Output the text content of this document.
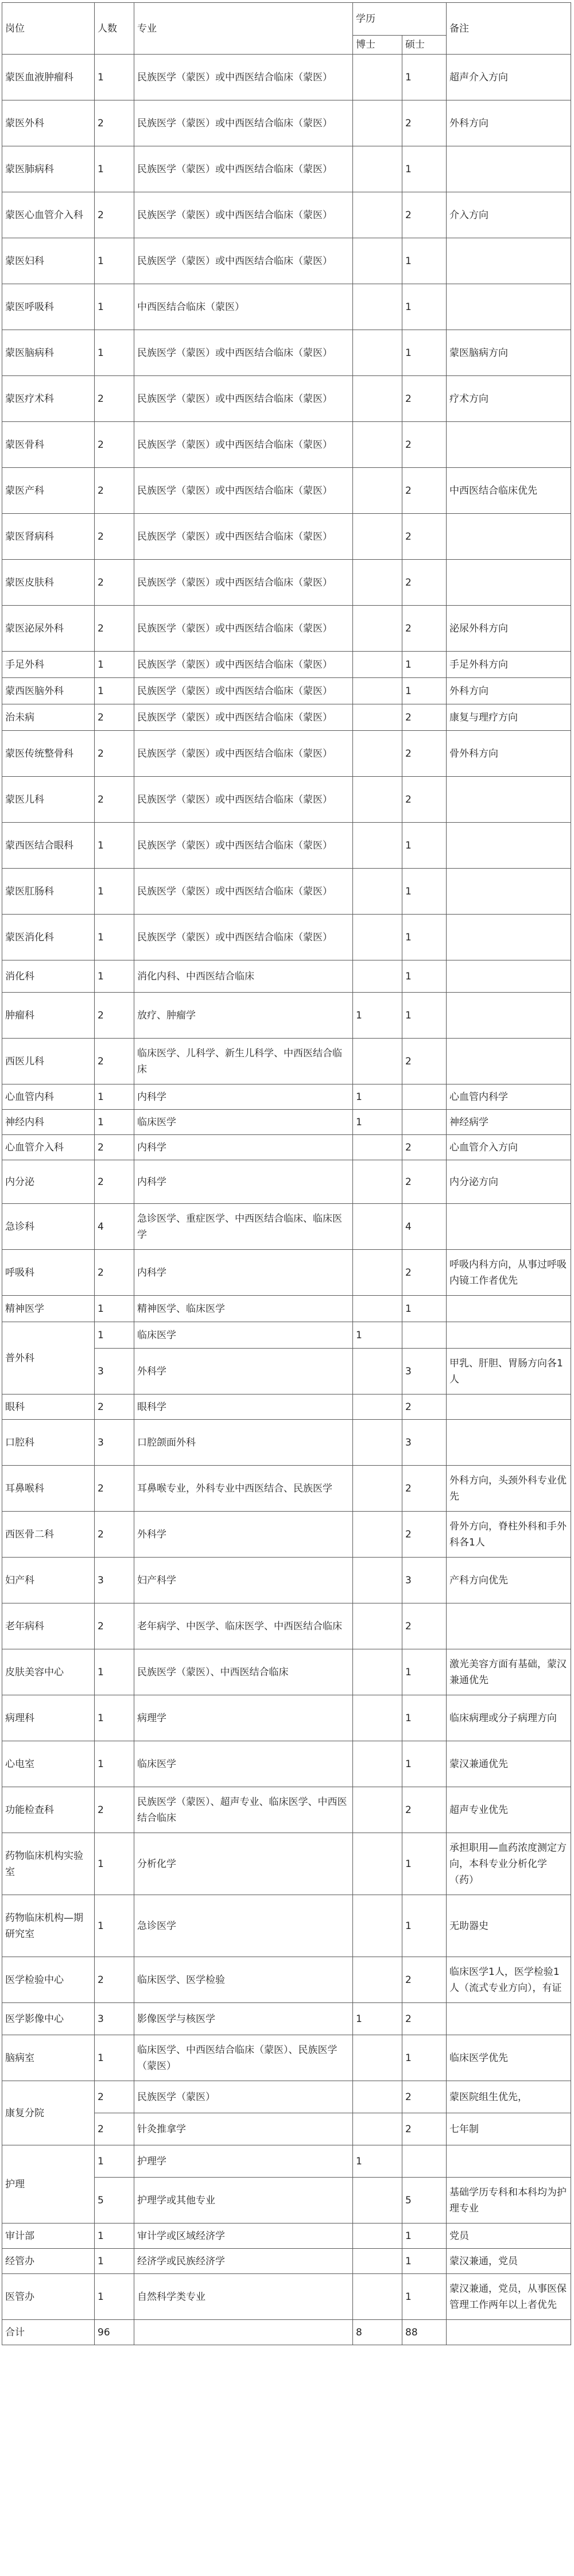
岗位	人数	专业	学历		备注
			博士	硕士	
蒙医血液肿瘤科	1	民族医学（蒙医）或中西医结合临床（蒙医）		1	超声介入方向
蒙医外科	2	民族医学（蒙医）或中西医结合临床（蒙医）		2	外科方向
蒙医肺病科	1	民族医学（蒙医）或中西医结合临床（蒙医）		1	
蒙医心血管介入科	2	民族医学（蒙医）或中西医结合临床（蒙医）		2	介入方向
蒙医妇科	1	民族医学（蒙医）或中西医结合临床（蒙医）		1	
蒙医呼吸科	1	中西医结合临床（蒙医）		1	
蒙医脑病科	1	民族医学（蒙医）或中西医结合临床（蒙医）		1	蒙医脑病方向
蒙医疗术科	2	民族医学（蒙医）或中西医结合临床（蒙医）		2	疗术方向
蒙医骨科	2	民族医学（蒙医）或中西医结合临床（蒙医）		2	
蒙医产科	2	民族医学（蒙医）或中西医结合临床（蒙医）		2	中西医结合临床优先
蒙医肾病科	2	民族医学（蒙医）或中西医结合临床（蒙医）		2	
蒙医皮肤科	2	民族医学（蒙医）或中西医结合临床（蒙医）		2	
蒙医泌尿外科	2	民族医学（蒙医）或中西医结合临床（蒙医）		2	泌尿外科方向
手足外科	1	民族医学（蒙医）或中西医结合临床（蒙医）		1	手足外科方向
蒙西医脑外科	1	民族医学（蒙医）或中西医结合临床（蒙医）		1	外科方向
治未病	2	民族医学（蒙医）或中西医结合临床（蒙医）		2	康复与理疗方向
蒙医传统整骨科	2	民族医学（蒙医）或中西医结合临床（蒙医）		2	骨外科方向
蒙医儿科	2	民族医学（蒙医）或中西医结合临床（蒙医）		2	
蒙西医结合眼科	1	民族医学（蒙医）或中西医结合临床（蒙医）		1	
蒙医肛肠科	1	民族医学（蒙医）或中西医结合临床（蒙医）		1	
蒙医消化科	1	民族医学（蒙医）或中西医结合临床（蒙医）		1	
消化科	1	消化内科、中西医结合临床		1	
肿瘤科	2	放疗、肿瘤学	1	1	
西医儿科	2	临床医学、儿科学、新生儿科学、中西医结合临床		2	
心血管内科	1	内科学	1		心血管内科学
神经内科	1	临床医学	1		神经病学
心血管介入科	2	内科学		2	心血管介入方向
内分泌	2	内科学		2	内分泌方向
急诊科	4	急诊医学、重症医学、中西医结合临床、临床医学		4	
呼吸科	2	内科学		2	呼吸内科方向，从事过呼吸内镜工作者优先
精神医学	1	精神医学、临床医学		1	
普外科	1	临床医学	1		
	3	外科学		3	甲乳、肝胆、胃肠方向各1人
眼科	2	眼科学		2	
口腔科	3	口腔颌面外科		3	
耳鼻喉科	2	耳鼻喉专业，外科专业中西医结合、民族医学		2	外科方向，头颈外科专业优先
西医骨二科	2	外科学		2	骨外方向，脊柱外科和手外科各1人
妇产科	3	妇产科学		3	产科方向优先
老年病科	2	老年病学、中医学、临床医学、中西医结合临床		2	
皮肤美容中心	1	民族医学（蒙医）、中西医结合临床		1	激光美容方面有基础，蒙汉兼通优先
病理科	1	病理学		1	临床病理或分子病理方向
心电室	1	临床医学		1	蒙汉兼通优先
功能检查科	2	民族医学（蒙医）、超声专业、临床医学、中西医结合临床		2	超声专业优先
药物临床机构实验室	1	分析化学		1	承担职用—血药浓度测定方向，本科专业分析化学（药）
药物临床机构—期研究室	1	急诊医学		1	无助器史
医学检验中心	2	临床医学、医学检验		2	临床医学1人，医学检验1人（流式专业方向），有证
医学影像中心	3	影像医学与核医学	1	2	
脑病室	1	临床医学、中西医结合临床（蒙医）、民族医学（蒙医）		1	临床医学优先
康复分院	2	民族医学（蒙医）		2	蒙医院组生优先，
	2	针灸推拿学		2	七年制
护理	1	护理学	1		
	5	护理学或其他专业		5	基础学历专科和本科均为护理专业
审计部	1	审计学或区域经济学		1	党员
经管办	1	经济学或民族经济学		1	蒙汉兼通，党员
医管办	1	自然科学类专业		1	蒙汉兼通，党员，从事医保管理工作两年以上者优先
合计	96		8	88	
